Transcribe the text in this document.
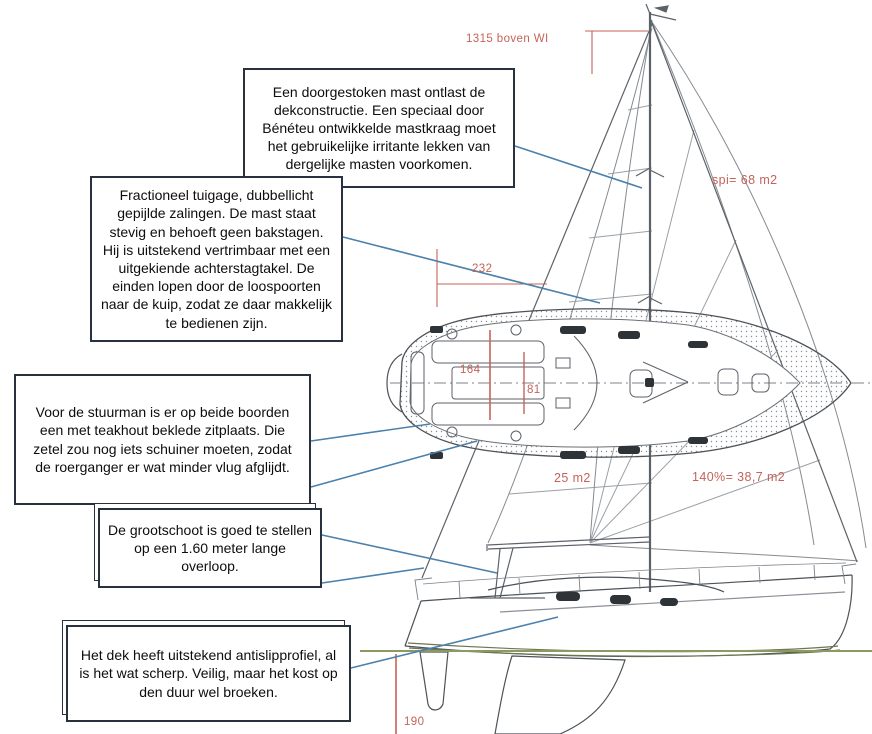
1315 boven WI
spi= 68 m2
232
164
81
25 m2	140%= 38,7 m2
190

Een doorgestoken mast ontlast de dekconstructie. Een speciaal door Bénéteu ontwikkelde mastkraag moet het gebruikelijke irritante lekken van dergelijke masten voorkomen.

Fractioneel tuigage, dubbellicht gepijlde zalingen. De mast staat stevig en behoeft geen bakstagen. Hij is uitstekend vertrimbaar met een uitgekiende achterstagtakel. De einden lopen door de loospoorten naar de kuip, zodat ze daar makkelijk te bedienen zijn.

Voor de stuurman is er op beide boorden een met teakhout beklede zitplaats. Die zetel zou nog iets schuiner moeten, zodat de roerganger er wat minder vlug afglijdt.

De grootschoot is goed te stellen op een 1.60 meter lange overloop.

Het dek heeft uitstekend antislipprofiel, al is het wat scherp. Veilig, maar het kost op den duur wel broeken.
